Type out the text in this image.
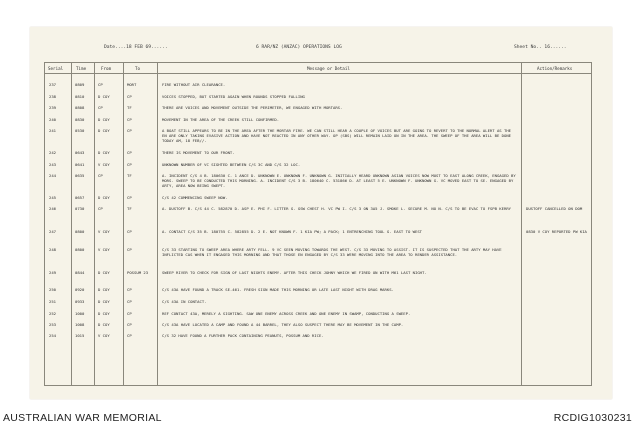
Date....18 FEB 69......	6 RAR/NZ (ANZAC) OPERATIONS LOG	Sheet No.. 16......
Serial	Time	From	To	Message or Detail	Action/Remarks
237	0809	CP	MORT	FIRE WITHOUT AIR CLEARANCE.
238	0810	D COY	CP	VOICES STOPPED, BUT STARTED AGAIN WHEN ROUNDS STOPPED FALLING
239	0808	CP	TF	THERE ARE VOICES AND MOVEMENT OUTSIDE THE PERIMETER, WE ENGAGED WITH MORTARS.
240	0830	D COY	CP	MOVEMENT IN THE AREA OF THE CREEK STILL CONFIRMED.
241	0530	D COY	CP	A BOAT STILL APPEARS TO BE IN THE AREA AFTER THE MORTAR FIRE. WE CAN STILL HEAR A COUPLE OF VOICES BUT ARE GOING TO REVERT TO THE NORMAL ALERT AS THE EN ARE ONLY TAKING EVASIVE ACTION AND HAVE NOT REACTED IN ANY OTHER WAY. OP (SBS) WILL REMAIN LAID ON IN THE AREA. THE SWEEP OF THE AREA WILL BE DONE TODAY AM, 18 FEB//.
242	0643	D COY	CP	THERE IS MOVEMENT TO OUR FRONT.
243	0641	V COY	CP	UNKNOWN NUMBER OF VC SIGHTED BETWEEN C/S 3C AND C/S 32 LOC.
244	0635	CP	TF	A. INCIDENT C/S 4 B. 180630 C. 1 ANCE D. UNKNOWN E. UNKNOWN F. UNKNOWN G. INITIALLY HEARD UNKNOWN ASIAN VOICES NOW MUST TO EAST ALONG CREEK, ENGAGED BY MORS. SWEEP TO BE CONDUCTED THIS MORNING. A. INCIDENT C/S 3 B. 180640 C. 531866 D. AT LEAST 5 E. UNKNOWN F. UNKNOWN G. VC MOVED EAST TO SE. ENGAGED BY ARTY, AREA NOW BEING SWEPT.
245	0657	D COY	CP	C/S 42 COMMENCING SWEEP NOW.
246	0730	CP	TF	A. DUSTOFF B. C/S 44 C. 582870 D. ASP E. PHI F. LITTER G. GSW CHEST H. VC PW I. C/S 3 ON 3A5 J. SMOKE L. SECURE M. NO N. C/S TO BE EVAC TO FSPB KERRY	DUSTOFF CANCELLED ON DOM
247	0800	V COY	CP	A. CONTACT C/S 35 B. 180755 C. 582855 D. 2 E. NOT KNOWN F. 1 KIA PW; A PACK; 1 ENTRENCHING TOOL G. EAST TO WEST	0830 V COY REPORTED PW KIA
248	0800	V COY	CP	C/S 33 STARTING TO SWEEP AREA WHERE ARTY FELL. 9 VC SEEN MOVING TOWARDS THE WEST. C/S 33 MOVING TO ASSIST. IT IS SUSPECTED THAT THE ARTY MAY HAVE INFLICTED CAS WHEN IT ENGAGED THIS MORNING AND THAT THOSE EN ENGAGED BY C/S 33 WERE MOVING INTO THE AREA TO RENDER ASSISTANCE.
249	0844	D COY	POSSUM 23	SWEEP RIVER TO CHECK FOR SIGN OF LAST NIGHTS ENEMY. AFTER THIS CHECK JOHNY WHICH WE FIRED ON WITH M61 LAST NIGHT.
250	0920	D COY	CP	C/S 43A HAVE FOUND A TRACK SE.461. FRESH SIGN MADE THIS MORNING OR LATE LAST NIGHT WITH DRAG MARKS.
251	0933	D COY	CP	C/S 43A IN CONTACT.
252	1000	D COY	CP	REF CONTACT 43A, MERELY A SIGHTING. SAW ONE ENEMY ACROSS CREEK AND ONE ENEMY IN SWAMP, CONDUCTING A SWEEP.
253	1008	D COY	CP	C/S 43A HAVE LOCATED A CAMP AND FOUND A 44 BARREL, THEY ALSO SUSPECT THERE MAY BE MOVEMENT IN THE CAMP.
254	1015	V COY	CP	C/S 32 HAVE FOUND A FURTHER PACK CONTAINING PEANUTS, POSSUM AND RICE.
AUSTRALIAN WAR MEMORIAL	RCDIG1030231
